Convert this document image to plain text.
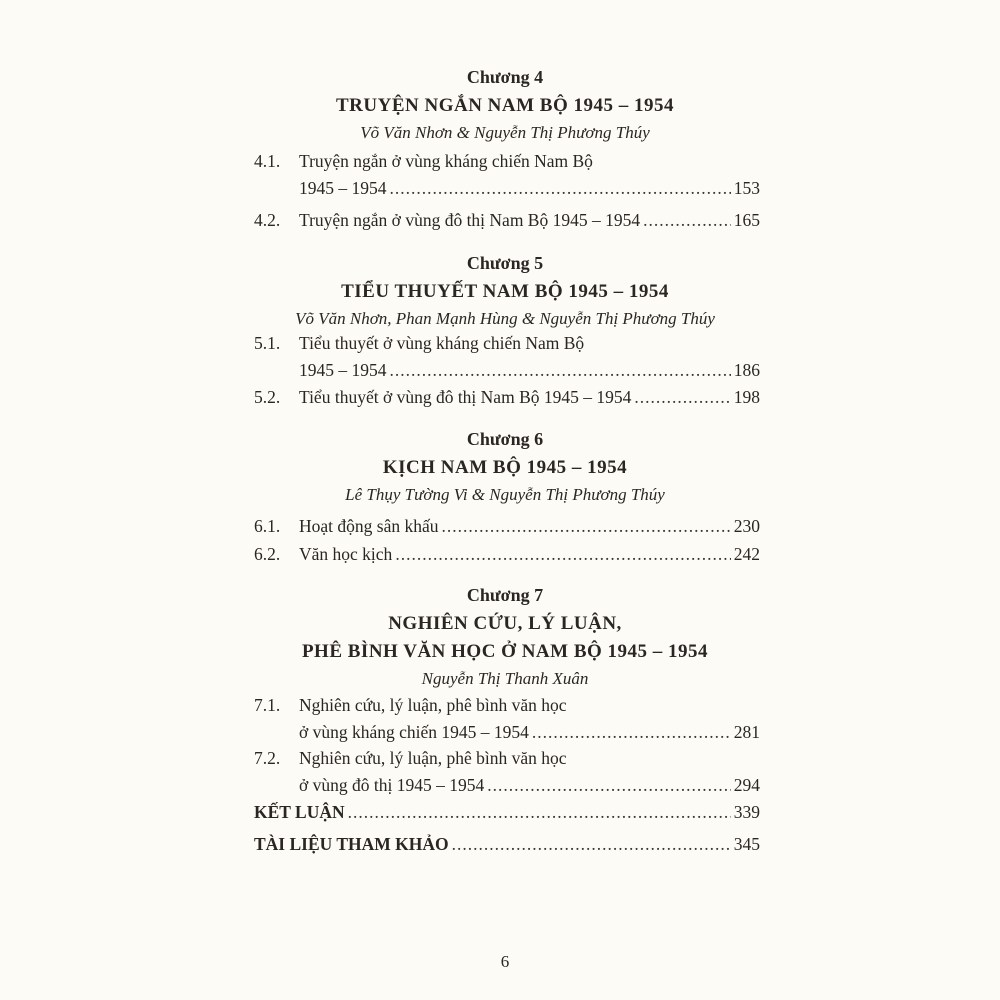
Chương 4
TRUYỆN NGẮN NAM BỘ 1945 – 1954
Võ Văn Nhơn & Nguyễn Thị Phương Thúy
4.1.	Truyện ngắn ở vùng kháng chiến Nam Bộ
1945 – 1954 .....	153
4.2.	Truyện ngắn ở vùng đô thị Nam Bộ 1945 – 1954 .....	165
Chương 5
TIỂU THUYẾT NAM BỘ 1945 – 1954
Võ Văn Nhơn, Phan Mạnh Hùng & Nguyễn Thị Phương Thúy
5.1.	Tiểu thuyết ở vùng kháng chiến Nam Bộ
1945 – 1954 .....	186
5.2.	Tiểu thuyết ở vùng đô thị Nam Bộ 1945 – 1954 .....	198
Chương 6
KỊCH NAM BỘ 1945 – 1954
Lê Thụy Tường Vi & Nguyễn Thị Phương Thúy
6.1.	Hoạt động sân khấu .....	230
6.2.	Văn học kịch .....	242
Chương 7
NGHIÊN CỨU, LÝ LUẬN,
PHÊ BÌNH VĂN HỌC Ở NAM BỘ 1945 – 1954
Nguyễn Thị Thanh Xuân
7.1.	Nghiên cứu, lý luận, phê bình văn học
ở vùng kháng chiến 1945 – 1954 .....	281
7.2.	Nghiên cứu, lý luận, phê bình văn học
ở vùng đô thị 1945 – 1954 .....	294
KẾT LUẬN .....	339
TÀI LIỆU THAM KHẢO .....	345
6
